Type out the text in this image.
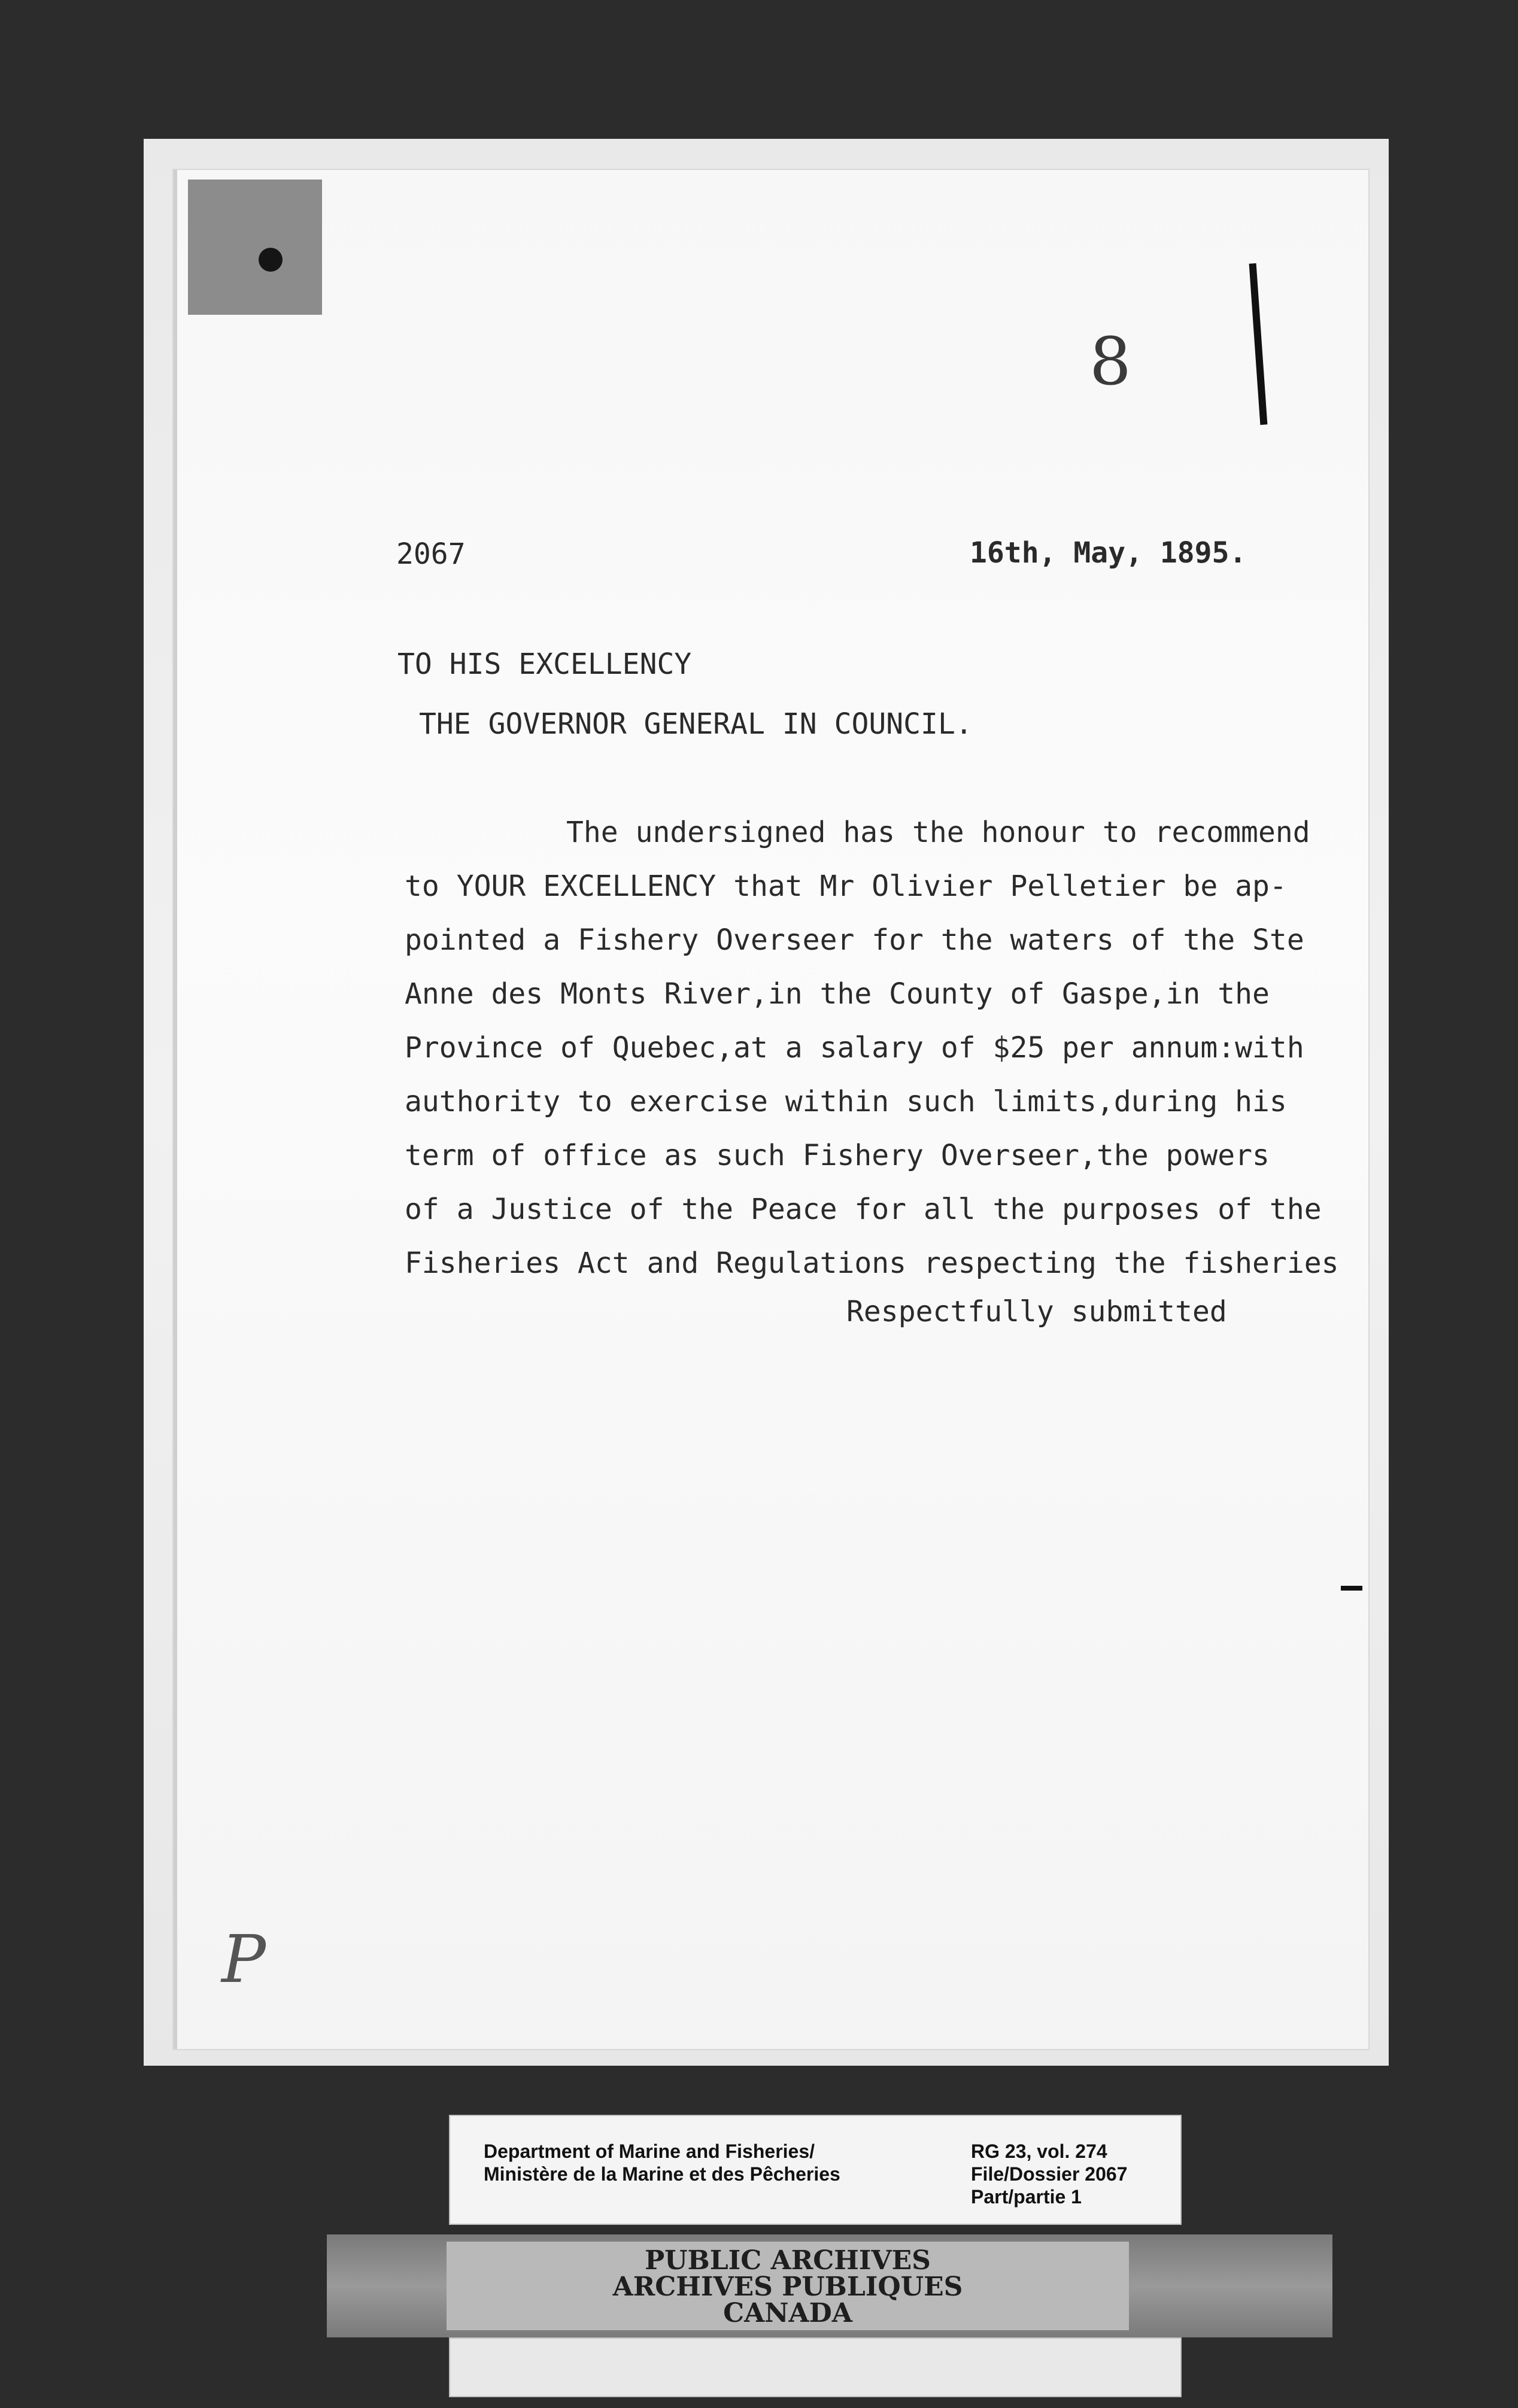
8
2067	16th, May, 1895.
TO HIS EXCELLENCY
THE GOVERNOR GENERAL IN COUNCIL.
The undersigned has the honour to recommend
to YOUR EXCELLENCY that Mr Olivier Pelletier be ap-
pointed a Fishery Overseer for the waters of the Ste
Anne des Monts River,in the County of Gaspe,in the
Province of Quebec,at a salary of $25 per annum:with
authority to exercise within such limits,during his
term of office as such Fishery Overseer,the powers
of a Justice of the Peace for all the purposes of the
Fisheries Act and Regulations respecting the fisheries
Respectfully submitted
P
Department of Marine and Fisheries/
Ministère de la Marine et des Pêcheries
RG 23, vol. 274
File/Dossier 2067
Part/partie 1
PUBLIC ARCHIVES
ARCHIVES PUBLIQUES
CANADA
